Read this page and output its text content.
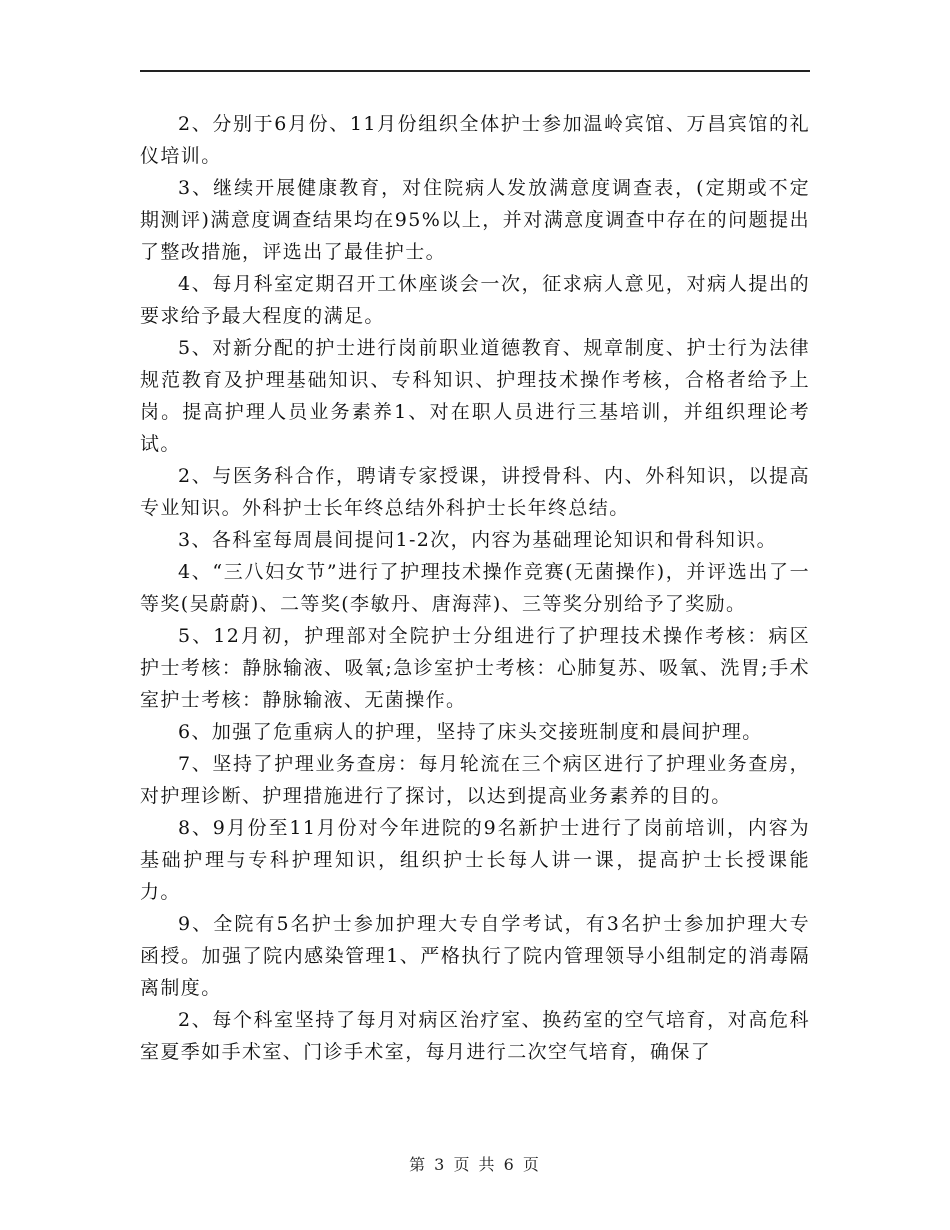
2、分别于6月份、11月份组织全体护士参加温岭宾馆、万昌宾馆的礼仪培训。

3、继续开展健康教育，对住院病人发放满意度调查表，(定期或不定期测评)满意度调查结果均在95%以上，并对满意度调查中存在的问题提出了整改措施，评选出了最佳护士。

4、每月科室定期召开工休座谈会一次，征求病人意见，对病人提出的要求给予最大程度的满足。

5、对新分配的护士进行岗前职业道德教育、规章制度、护士行为法律规范教育及护理基础知识、专科知识、护理技术操作考核，合格者给予上岗。提高护理人员业务素养1、对在职人员进行三基培训，并组织理论考试。

2、与医务科合作，聘请专家授课，讲授骨科、内、外科知识，以提高专业知识。外科护士长年终总结外科护士长年终总结。

3、各科室每周晨间提问1-2次，内容为基础理论知识和骨科知识。

4、“三八妇女节”进行了护理技术操作竞赛(无菌操作)，并评选出了一等奖(吴蔚蔚)、二等奖(李敏丹、唐海萍)、三等奖分别给予了奖励。

5、12月初，护理部对全院护士分组进行了护理技术操作考核：病区护士考核：静脉输液、吸氧;急诊室护士考核：心肺复苏、吸氧、洗胃;手术室护士考核：静脉输液、无菌操作。

6、加强了危重病人的护理，坚持了床头交接班制度和晨间护理。

7、坚持了护理业务查房：每月轮流在三个病区进行了护理业务查房，对护理诊断、护理措施进行了探讨，以达到提高业务素养的目的。

8、9月份至11月份对今年进院的9名新护士进行了岗前培训，内容为基础护理与专科护理知识，组织护士长每人讲一课，提高护士长授课能力。

9、全院有5名护士参加护理大专自学考试，有3名护士参加护理大专函授。加强了院内感染管理1、严格执行了院内管理领导小组制定的消毒隔离制度。

2、每个科室坚持了每月对病区治疗室、换药室的空气培育，对高危科室夏季如手术室、门诊手术室，每月进行二次空气培育，确保了

第 3 页 共 6 页
